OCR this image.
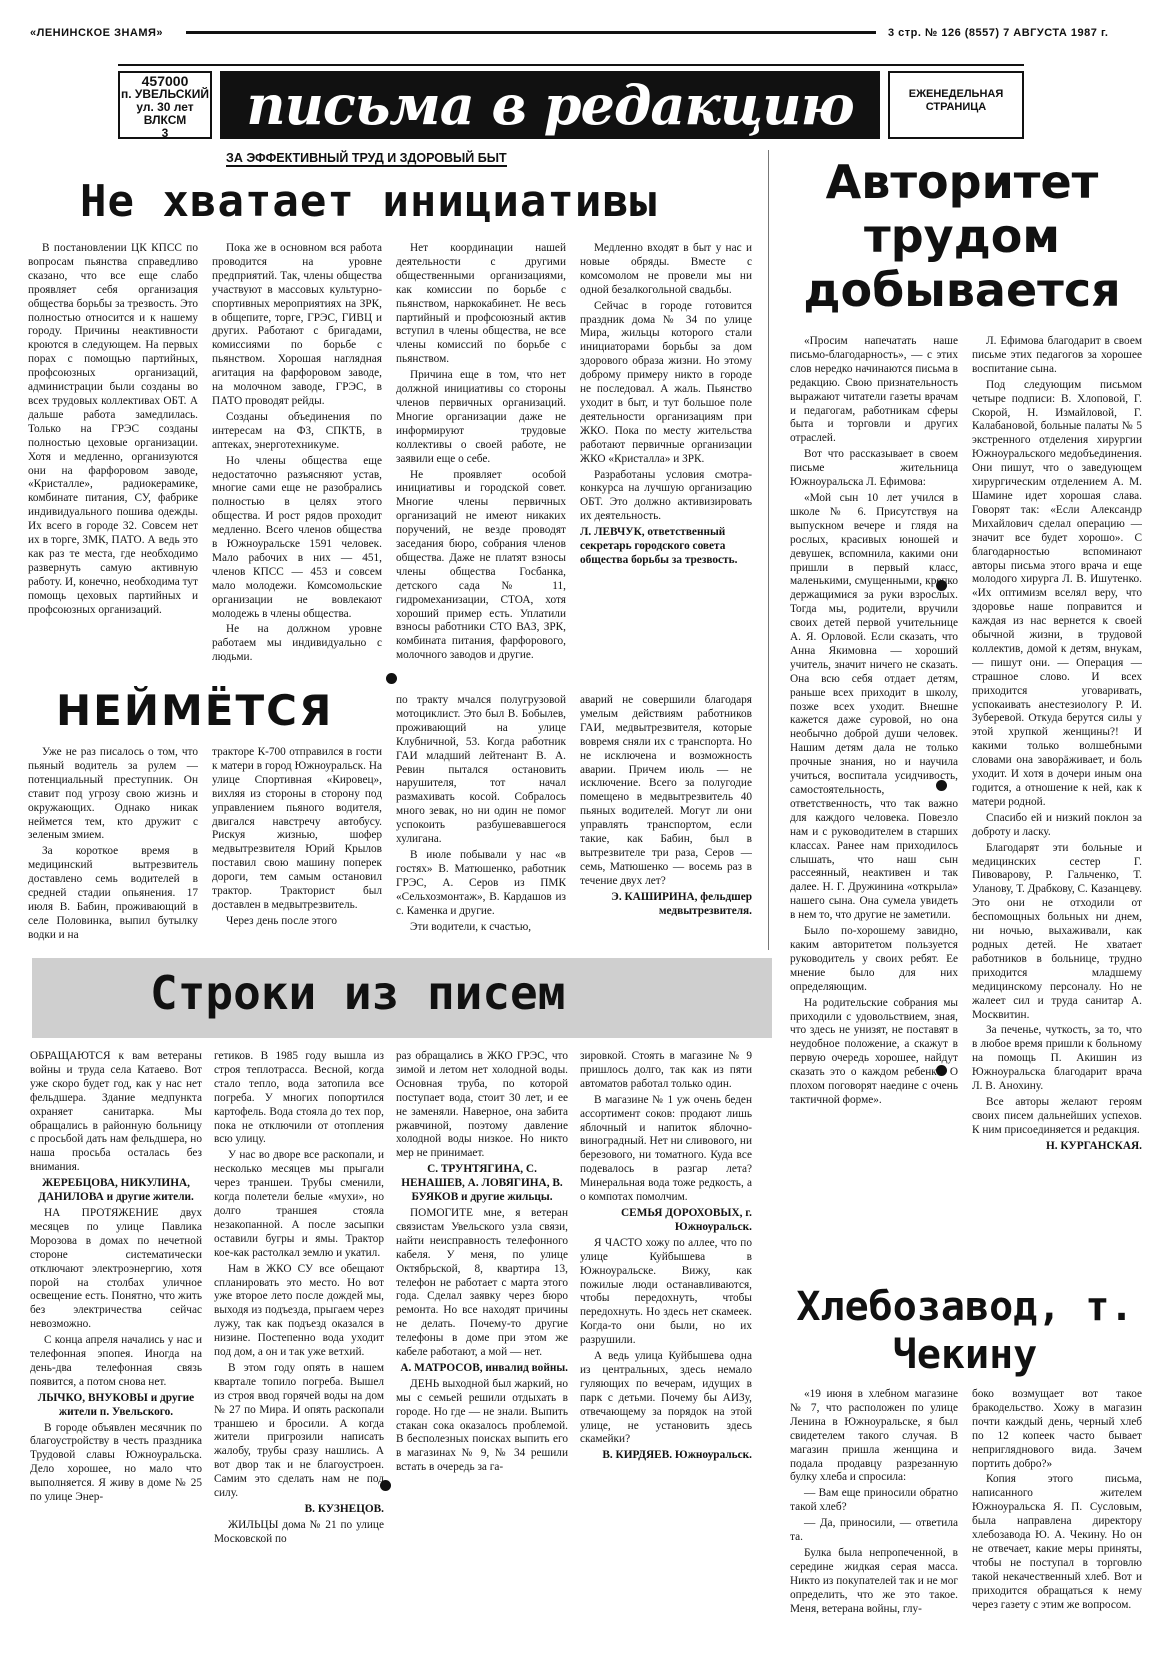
«ЛЕНИНСКОЕ ЗНАМЯ»	3 стр. № 126 (8557) 7 АВГУСТА 1987 г.
457000
п. УВЕЛЬСКИЙ
ул. 30 лет ВЛКСМ
3	письма в редакцию	ЕЖЕНЕДЕЛЬНАЯ
СТРАНИЦА
ЗА ЭФФЕКТИВНЫЙ ТРУД И ЗДОРОВЫЙ БЫТ
Не хватает инициативы

В постановлении ЦК КПСС по вопросам пьянства справедливо сказано, что все еще слабо проявляет себя организация общества борьбы за трезвость. Это полностью относится и к нашему городу. Причины неактивности кроются в следующем. На первых порах с помощью партийных, профсоюзных организаций, администрации были созданы во всех трудовых коллективах ОБТ. А дальше работа замедлилась. Только на ГРЭС созданы полностью цеховые организации. Хотя и медленно, организуются они на фарфоровом заводе, «Кристалле», радиокерамике, комбинате питания, СУ, фабрике индивидуального пошива одежды. Их всего в городе 32. Совсем нет их в торге, ЗМК, ПАТО. А ведь это как раз те места, где необходимо развернуть самую активную работу. И, конечно, необходима тут помощь цеховых партийных и профсоюзных организаций.

Пока же в основном вся работа проводится на уровне предприятий. Так, члены общества участвуют в массовых культурно-спортивных мероприятиях на ЗРК, в общепите, торге, ГРЭС, ГИВЦ и других. Работают с бригадами, комиссиями по борьбе с пьянством. Хорошая наглядная агитация на фарфоровом заводе, на молочном заводе, ГРЭС, в ПАТО проводят рейды.

Созданы объединения по интересам на ФЗ, СПКТБ, в аптеках, энерготехникуме.

Но члены общества еще недостаточно разъясняют устав, многие сами еще не разобрались полностью в целях этого общества. И рост рядов проходит медленно. Всего членов общества в Южноуральске 1591 человек. Мало рабочих в них — 451, членов КПСС — 453 и совсем мало молодежи. Комсомольские организации не вовлекают молодежь в члены общества.

Не на должном уровне работаем мы индивидуально с людьми.

Нет координации нашей деятельности с другими общественными организациями, как комиссии по борьбе с пьянством, наркокабинет. Не весь партийный и профсоюзный актив вступил в члены общества, не все члены комиссий по борьбе с пьянством.

Причина еще в том, что нет должной инициативы со стороны членов первичных организаций. Многие организации даже не информируют трудовые коллективы о своей работе, не заявили еще о себе.

Не проявляет особой инициативы и городской совет. Многие члены первичных организаций не имеют никаких поручений, не везде проводят заседания бюро, собрания членов общества. Даже не платят взносы члены общества Госбанка, детского сада № 11, гидромеханизации, СТОА, хотя хороший пример есть. Уплатили взносы работники СТО ВАЗ, ЗРК, комбината питания, фарфорового, молочного заводов и другие.

Медленно входят в быт у нас и новые обряды. Вместе с комсомолом не провели мы ни одной безалкогольной свадьбы.

Сейчас в городе готовится праздник дома № 34 по улице Мира, жильцы которого стали инициаторами борьбы за дом здорового образа жизни. Но этому доброму примеру никто в городе не последовал. А жаль. Пьянство уходит в быт, и тут большое поле деятельности организациям при ЖКО. Пока по месту жительства работают первичные организации ЖКО «Кристалла» и ЗРК.

Разработаны условия смотра-конкурса на лучшую организацию ОБТ. Это должно активизировать их деятельность.

Л. ЛЕВЧУК, ответственный секретарь городского совета общества борьбы за трезвость.

Авторитет трудом добывается

«Просим напечатать наше письмо-благодарность», — с этих слов нередко начинаются письма в редакцию. Свою признательность выражают читатели газеты врачам и педагогам, работникам сферы быта и торговли и других отраслей.

Вот что рассказывает в своем письме жительница Южноуральска Л. Ефимова:

«Мой сын 10 лет учился в школе № 6. Присутствуя на выпускном вечере и глядя на рослых, красивых юношей и девушек, вспомнила, какими они пришли в первый класс, маленькими, смущенными, крепко держащимися за руки взрослых. Тогда мы, родители, вручили своих детей первой учительнице А. Я. Орловой. Если сказать, что Анна Якимовна — хороший учитель, значит ничего не сказать. Она всю себя отдает детям, раньше всех приходит в школу, позже всех уходит. Внешне кажется даже суровой, но она необычно доброй души человек. Нашим детям дала не только прочные знания, но и научила учиться, воспитала усидчивость, самостоятельность, ответственность, что так важно для каждого человека. Повезло нам и с руководителем в старших классах. Ранее нам приходилось слышать, что наш сын рассеянный, неактивен и так далее. Н. Г. Дружинина «открыла» нашего сына. Она сумела увидеть в нем то, что другие не заметили.

Было по-хорошему завидно, каким авторитетом пользуется руководитель у своих ребят. Ее мнение было для них определяющим.

На родительские собрания мы приходили с удовольствием, зная, что здесь не унизят, не поставят в неудобное положение, а скажут в первую очередь хорошее, найдут сказать это о каждом ребенке. О плохом поговорят наедине с очень тактичной форме».

Л. Ефимова благодарит в своем письме этих педагогов за хорошее воспитание сына.

Под следующим письмом четыре подписи: В. Хлоповой, Г. Скорой, Н. Измайловой, Г. Калабановой, больные палаты № 5 экстренного отделения хирургии Южноуральского медобъединения. Они пишут, что о заведующем хирургическим отделением А. М. Шамине идет хорошая слава. Говорят так: «Если Александр Михайлович сделал операцию — значит все будет хорошо». С благодарностью вспоминают авторы письма этого врача и еще молодого хирурга Л. В. Ишутенко. «Их оптимизм вселял веру, что здоровье наше поправится и каждая из нас вернется к своей обычной жизни, в трудовой коллектив, домой к детям, внукам, — пишут они. — Операция — страшное слово. И всех приходится уговаривать, успокаивать анестезиологу Р. И. Зуберевой. Откуда берутся силы у этой хрупкой женщины?! И какими только волшебными словами она заворäживает, и боль уходит. И хотя в дочери иным она годится, а отношение к ней, как к матери родной.

Спасибо ей и низкий поклон за доброту и ласку.

Благодарят эти больные и медицинских сестер Г. Пивоварову, Р. Гальченко, Т. Уланову, Т. Драбкову, С. Казанцеву. Это они не отходили от беспомощных больных ни днем, ни ночью, выхаживали, как родных детей. Не хватает работников в больнице, трудно приходится младшему медицинскому персоналу. Но не жалеет сил и труда санитар А. Москвитин.

За печенье, чуткость, за то, что в любое время пришли к больному на помощь П. Акишин из Южноуральска благодарит врача Л. В. Анохину.

Все авторы желают героям своих писем дальнейших успехов. К ним присоединяется и редакция.

Н. КУРГАНСКАЯ.

НЕЙМЁТСЯ

Уже не раз писалось о том, что пьяный водитель за рулем — потенциальный преступник. Он ставит под угрозу свою жизнь и окружающих. Однако никак неймется тем, кто дружит с зеленым змием.

За короткое время в медицинский вытрезвитель доставлено семь водителей в средней стадии опьянения. 17 июля В. Бабин, проживающий в селе Половинка, выпил бутылку водки и на

тракторе К-700 отправился в гости к матери в город Южноуральск. На улице Спортивная «Кировец», вихляя из стороны в сторону под управлением пьяного водителя, двигался навстречу автобусу. Рискуя жизнью, шофер медвытрезвителя Юрий Крылов поставил свою машину поперек дороги, тем самым остановил трактор. Тракторист был доставлен в медвытрезвитель.

Через день после этого

по тракту мчался полугрузовой мотоциклист. Это был В. Бобылев, проживающий на улице Клубничной, 53. Когда работник ГАИ младший лейтенант В. А. Ревин пытался остановить нарушителя, тот начал размахивать косой. Собралось много зевак, но ни один не помог успокоить разбушевавшегося хулигана.

В июле побывали у нас «в гостях» В. Матюшенко, работник ГРЭС, А. Серов из ПМК «Сельхозмонтаж», В. Кардашов из с. Каменка и другие.

Эти водители, к счастью,

аварий не совершили благодаря умелым действиям работников ГАИ, медвытрезвителя, которые вовремя сняли их с транспорта. Но не исключена и возможность аварии. Причем июль — не исключение. Всего за полугодие помещено в медвытрезвитель 40 пьяных водителей. Могут ли они управлять транспортом, если такие, как Бабин, был в вытрезвителе три раза, Серов — семь, Матюшенко — восемь раз в течение двух лет?

Э. КАШИРИНА, фельдшер медвытрезвителя.

Строки из писем

ОБРАЩАЮТСЯ к вам ветераны войны и труда села Катаево. Вот уже скоро будет год, как у нас нет фельдшера. Здание медпункта охраняет санитарка. Мы обращались в районную больницу с просьбой дать нам фельдшера, но наша просьба осталась без внимания.

ЖЕРЕБЦОВА, НИКУЛИНА, ДАНИЛОВА и другие жители.

НА ПРОТЯЖЕНИЕ двух месяцев по улице Павлика Морозова в домах по нечетной стороне систематически отключают электроэнергию, хотя порой на столбах уличное освещение есть. Понятно, что жить без электричества сейчас невозможно.

С конца апреля начались у нас и телефонная эпопея. Иногда на день-два телефонная связь появится, а потом снова нет.

ЛЫЧКО, ВНУКОВЫ и другие жители п. Увельского.

В городе объявлен месячник по благоустройству в честь праздника Трудовой славы Южноуральска. Дело хорошее, но мало что выполняется. Я живу в доме № 25 по улице Энер-

гетиков. В 1985 году вышла из строя теплотрасса. Весной, когда стало тепло, вода затопила все погреба. У многих попортился картофель. Вода стояла до тех пор, пока не отключили от отопления всю улицу.

У нас во дворе все раскопали, и несколько месяцев мы прыгали через траншеи. Трубы сменили, когда полетели белые «мухи», но долго траншея стояла незакопанной. А после засыпки оставили бугры и ямы. Трактор кое-как растолкал землю и укатил.

Нам в ЖКО СУ все обещают спланировать это место. Но вот уже второе лето после дождей мы, выходя из подъезда, прыгаем через лужу, так как подъезд оказался в низине. Постепенно вода уходит под дом, а он и так уже ветхий.

В этом году опять в нашем квартале топило погреба. Вышел из строя ввод горячей воды на дом № 27 по Мира. И опять раскопали траншею и бросили. А когда жители пригрозили написать жалобу, трубы сразу нашлись. А вот двор так и не благоустроен. Самим это сделать нам не под силу.

В. КУЗНЕЦОВ.

ЖИЛЬЦЫ дома № 21 по улице Московской по

раз обращались в ЖКО ГРЭС, что зимой и летом нет холодной воды. Основная труба, по которой поступает вода, стоит 30 лет, и ее не заменяли. Наверное, она забита ржавчиной, поэтому давление холодной воды низкое. Но никто мер не принимает.

С. ТРУНТЯГИНА, С. НЕНАШЕВ, А. ЛОВЯГИНА, В. БУЯКОВ и другие жильцы.

ПОМОГИТЕ мне, я ветеран связистам Увельского узла связи, найти неисправность телефонного кабеля. У меня, по улице Октябрьской, 8, квартира 13, телефон не работает с марта этого года. Сделал заявку через бюро ремонта. Но все находят причины не делать. Почему-то другие телефоны в доме при этом же кабеле работают, а мой — нет.

А. МАТРОСОВ, инвалид войны.

ДЕНЬ выходной был жаркий, но мы с семьей решили отдыхать в городе. Но где — не знали. Выпить стакан сока оказалось проблемой. В бесполезных поисках выпить его в магазинах № 9, № 34 решили встать в очередь за га-

зировкой. Стоять в магазине № 9 пришлось долго, так как из пяти автоматов работал только один.

В магазине № 1 уж очень беден ассортимент соков: продают лишь яблочный и напиток яблочно-виноградный. Нет ни сливового, ни березового, ни томатного. Куда все подевалось в разгар лета? Минеральная вода тоже редкость, а о компотах помолчим.

СЕМЬЯ ДОРОХОВЫХ, г. Южноуральск.

Я ЧАСТО хожу по аллее, что по улице Куйбышева в Южноуральске. Вижу, как пожилые люди останавливаются, чтобы передохнуть, чтобы передохнуть. Но здесь нет скамеек. Когда-то они были, но их разрушили.

А ведь улица Куйбышева одна из центральных, здесь немало гуляющих по вечерам, идущих в парк с детьми. Почему бы АИЗу, отвечающему за порядок на этой улице, не установить здесь скамейки?

В. КИРДЯЕВ. Южноуральск.

Хлебозавод, т. Чекину

«19 июня в хлебном магазине № 7, что расположен по улице Ленина в Южноуральске, я был свидетелем такого случая. В магазин пришла женщина и подала продавцу разрезанную булку хлеба и спросила:

— Вам еще приносили обратно такой хлеб?

— Да, приносили, — ответила та.

Булка была непропеченной, в середине жидкая серая масса. Никто из покупателей так и не мог определить, что же это такое. Меня, ветерана войны, глу-

боко возмущает вот такое бракодельство. Хожу в магазин почти каждый день, черный хлеб по 12 копеек часто бывает непригляднового вида. Зачем портить добро?»

Копия этого письма, написанного жителем Южноуральска Я. П. Сусловым, была направлена директору хлебозавода Ю. А. Чекину. Но он не отвечает, какие меры приняты, чтобы не поступал в торговлю такой некачественный хлеб. Вот и приходится обращаться к нему через газету с этим же вопросом.
